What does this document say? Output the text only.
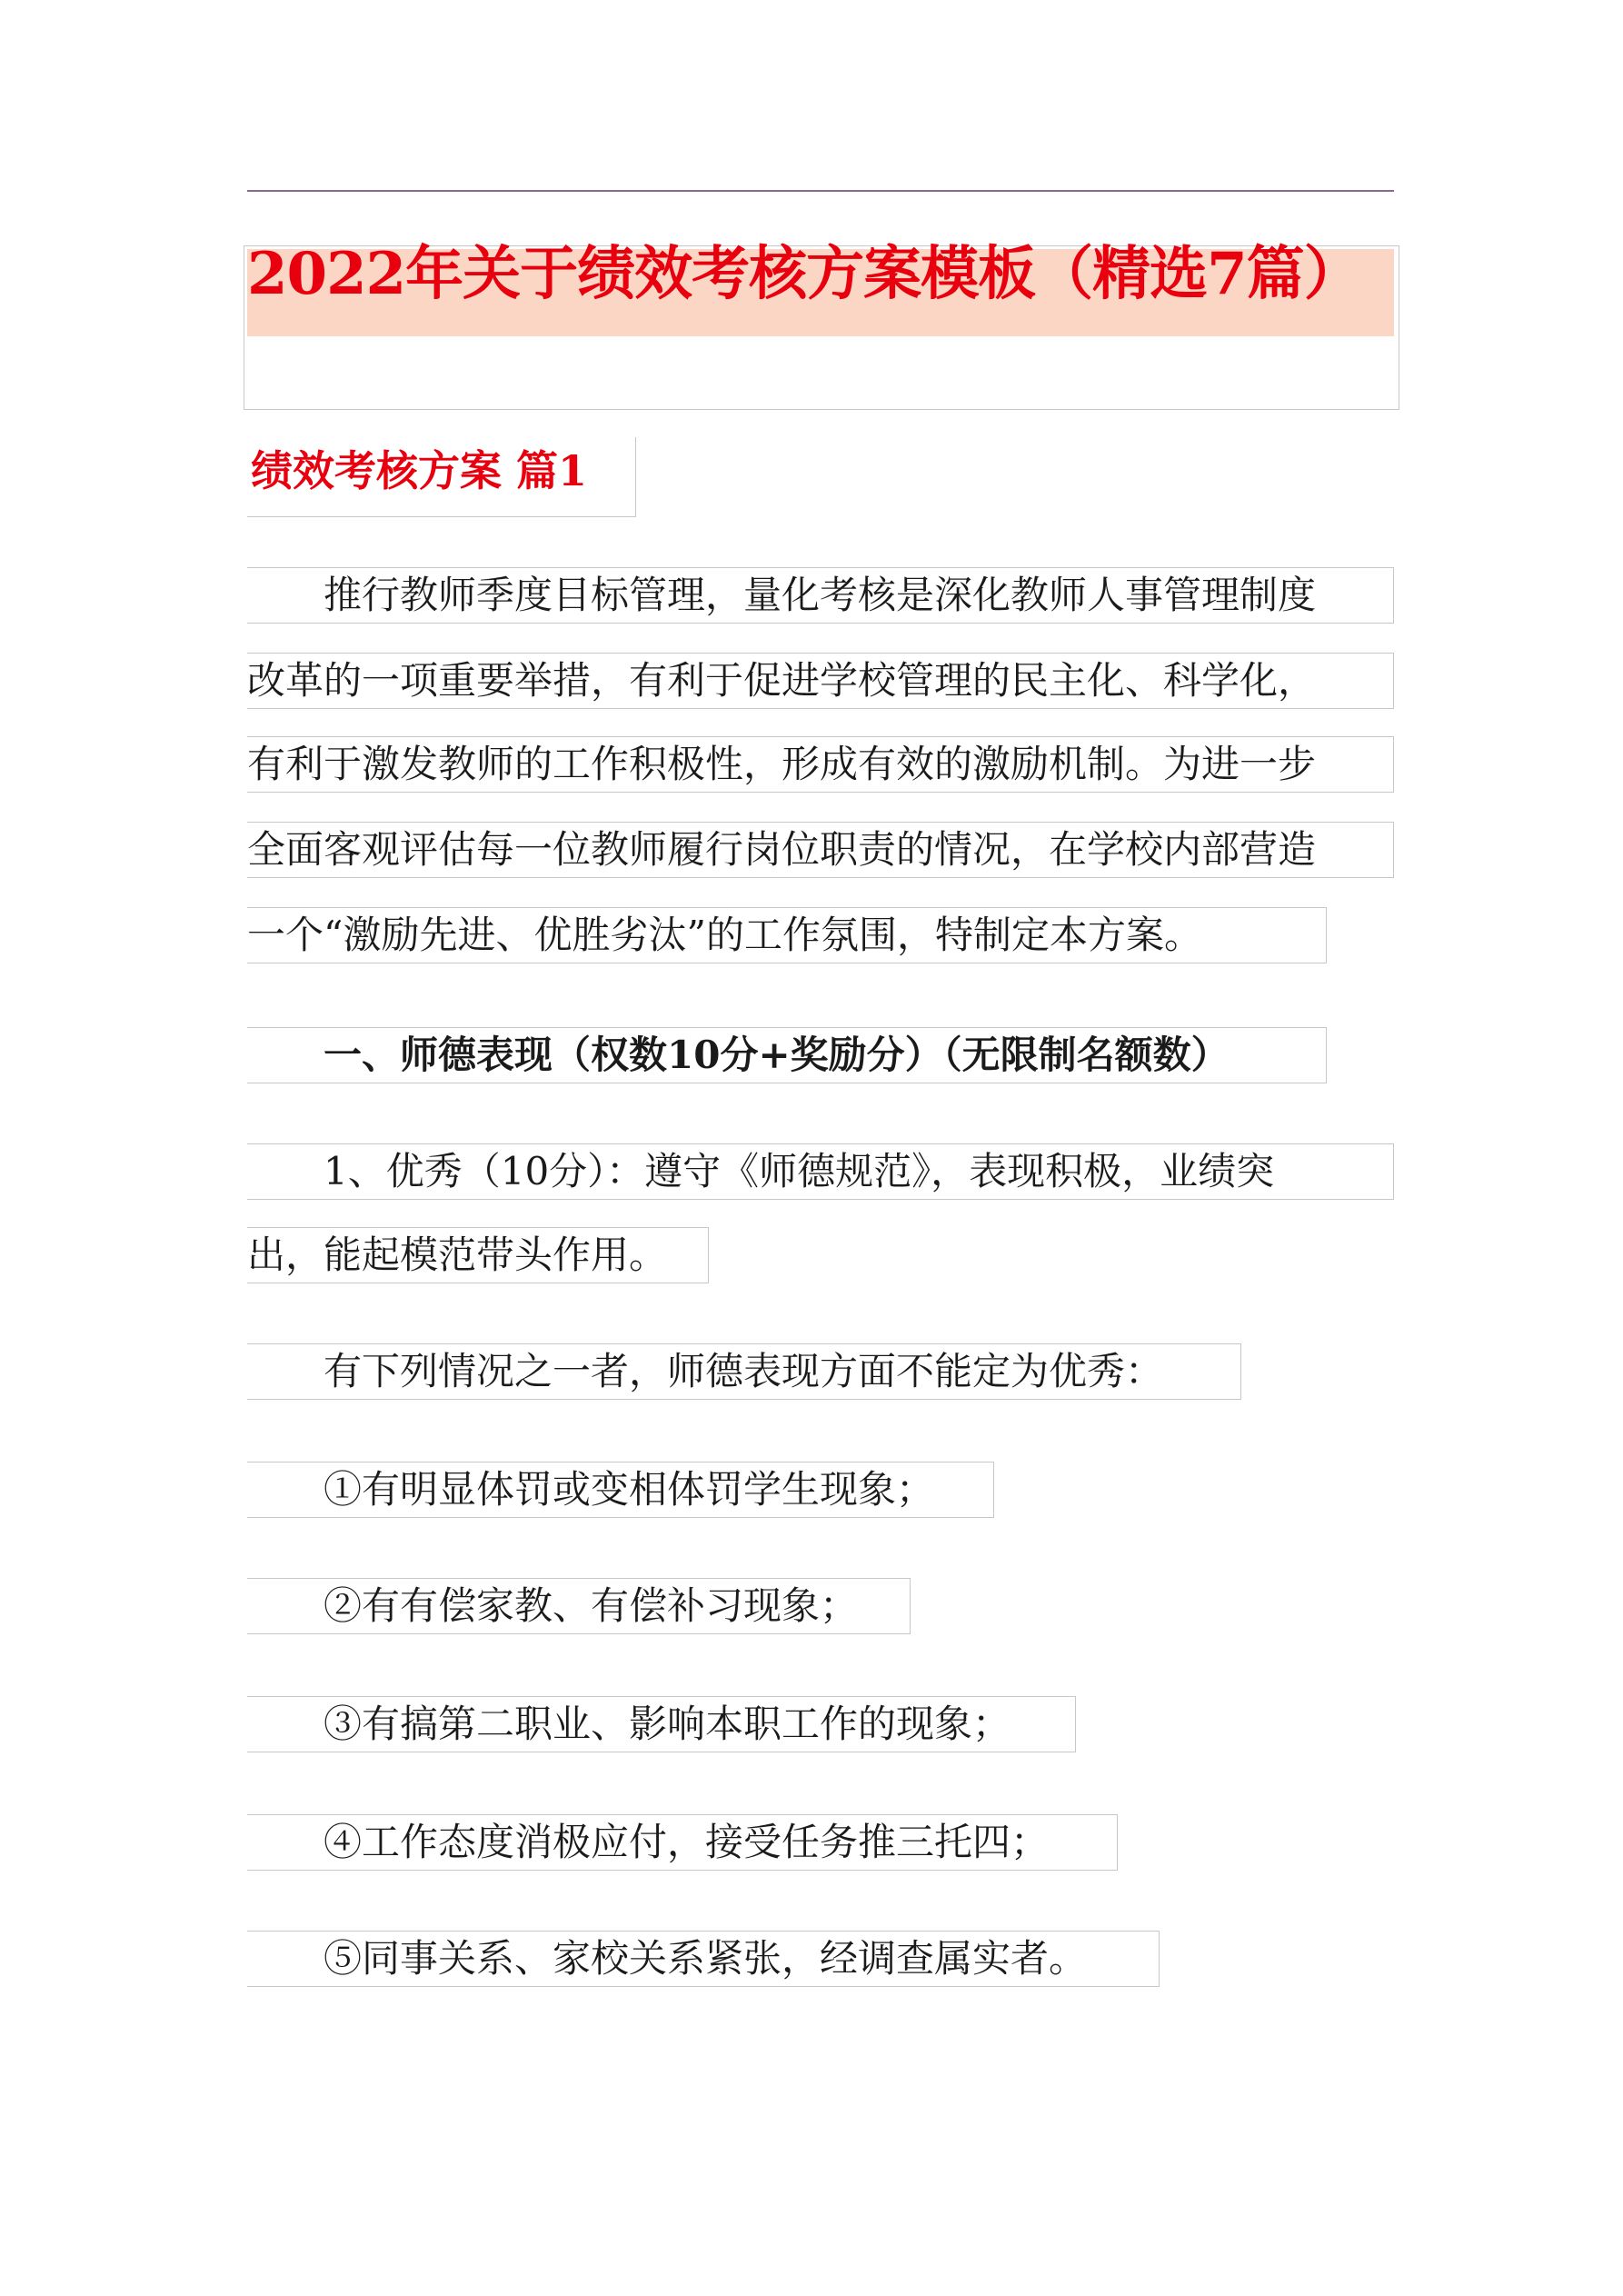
2022年关于绩效考核方案模板（精选7篇）
绩效考核方案 篇1
　　推行教师季度目标管理，量化考核是深化教师人事管理制度
改革的一项重要举措，有利于促进学校管理的民主化、科学化，
有利于激发教师的工作积极性，形成有效的激励机制。为进一步
全面客观评估每一位教师履行岗位职责的情况，在学校内部营造
一个“激励先进、优胜劣汰”的工作氛围，特制定本方案。
　　一、师德表现（权数10分+奖励分）（无限制名额数）
　　1、优秀（10分）：遵守《师德规范》，表现积极，业绩突
出，能起模范带头作用。
　　有下列情况之一者，师德表现方面不能定为优秀：
　　①有明显体罚或变相体罚学生现象；
　　②有有偿家教、有偿补习现象；
　　③有搞第二职业、影响本职工作的现象；
　　④工作态度消极应付，接受任务推三托四；
　　⑤同事关系、家校关系紧张，经调查属实者。
